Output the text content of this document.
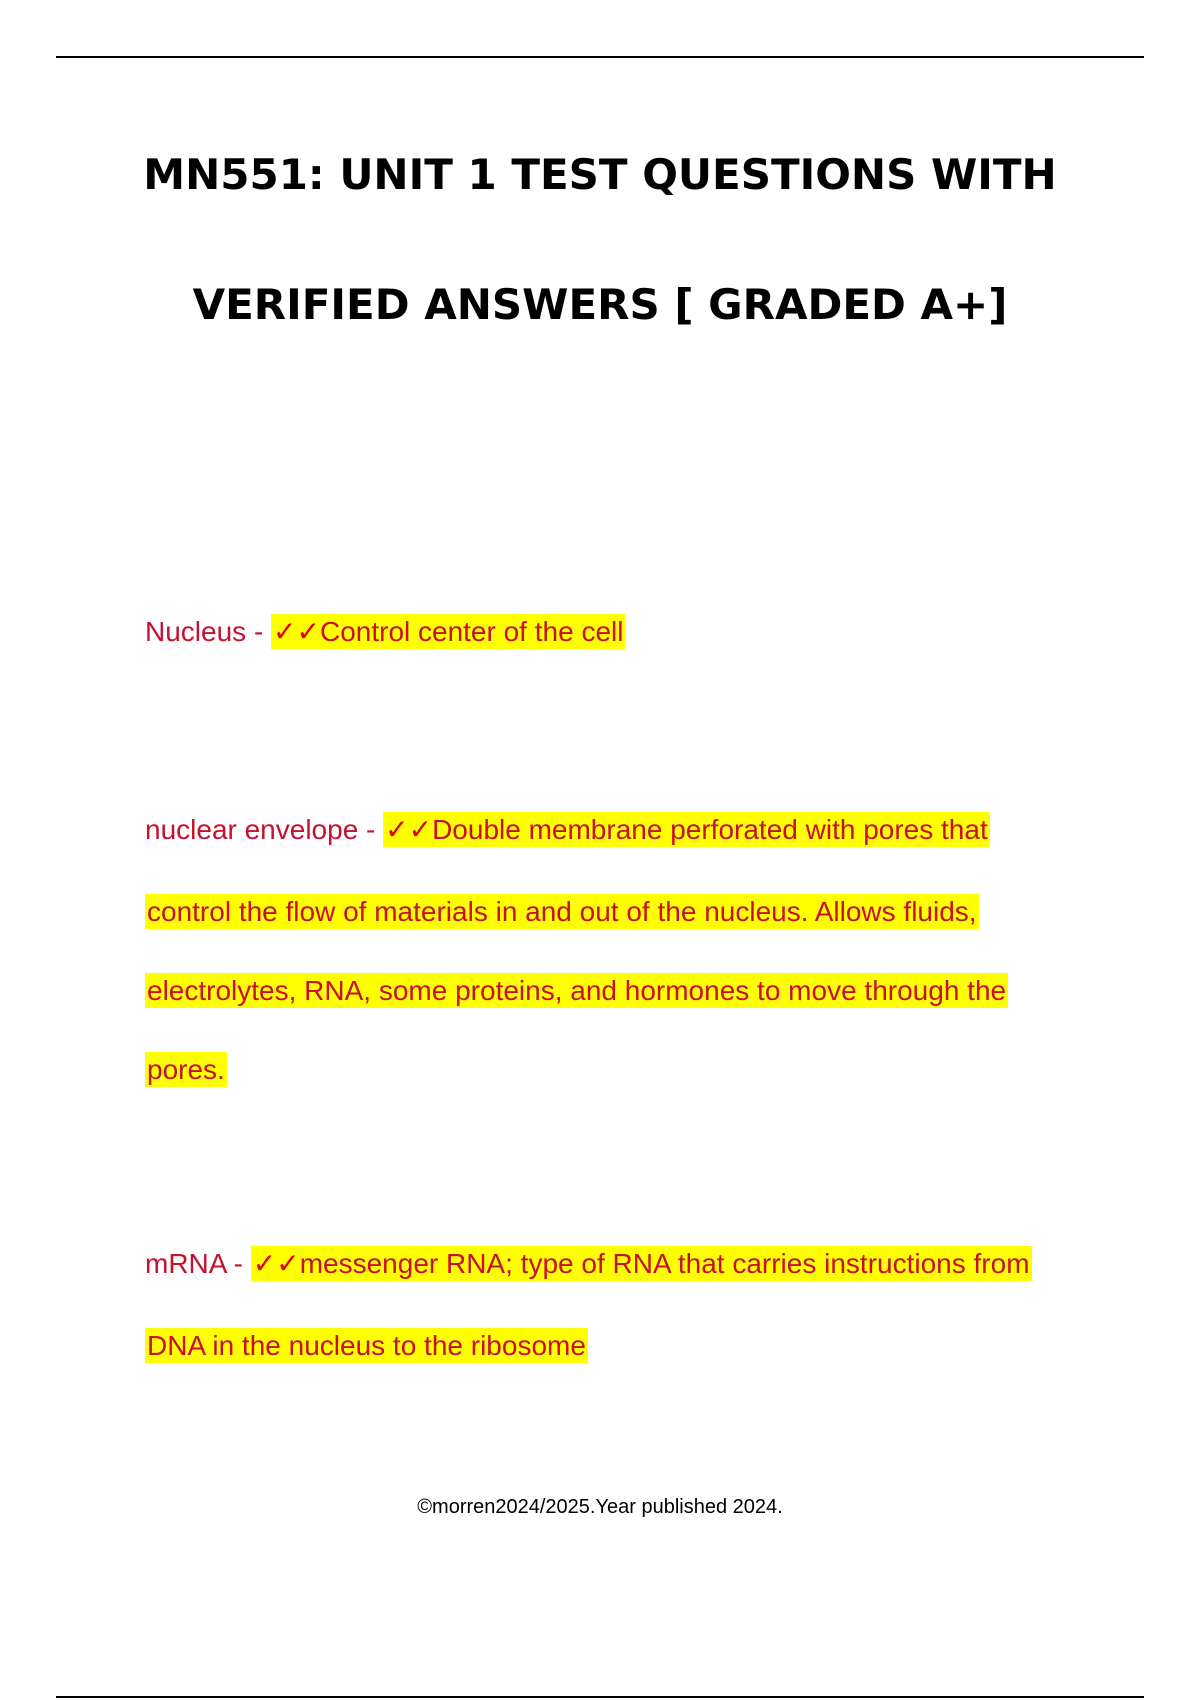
MN551: UNIT 1 TEST QUESTIONS WITH
VERIFIED ANSWERS [ GRADED A+]
Nucleus - ✓✓Control center of the cell
nuclear envelope - ✓✓Double membrane perforated with pores that
control the flow of materials in and out of the nucleus. Allows fluids,
electrolytes, RNA, some proteins, and hormones to move through the
pores.
mRNA - ✓✓messenger RNA; type of RNA that carries instructions from
DNA in the nucleus to the ribosome
©morren2024/2025.Year published 2024.
